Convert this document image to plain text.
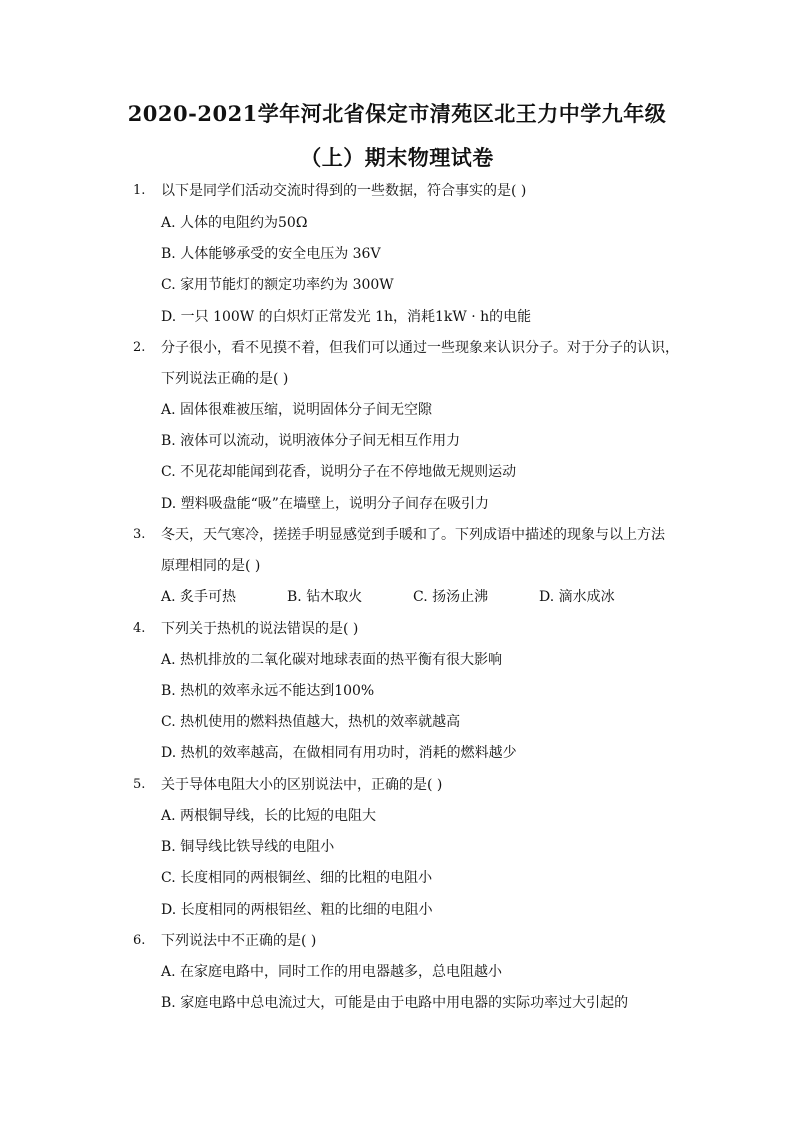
2020-2021学年河北省保定市清苑区北王力中学九年级
（上）期末物理试卷
1. 以下是同学们活动交流时得到的一些数据，符合事实的是( )
A. 人体的电阻约为50Ω
B. 人体能够承受的安全电压为 36V
C. 家用节能灯的额定功率约为 300W
D. 一只 100W 的白炽灯正常发光 1h，消耗1kW · h的电能
2. 分子很小，看不见摸不着，但我们可以通过一些现象来认识分子。对于分子的认识，
下列说法正确的是( )
A. 固体很难被压缩，说明固体分子间无空隙
B. 液体可以流动，说明液体分子间无相互作用力
C. 不见花却能闻到花香，说明分子在不停地做无规则运动
D. 塑料吸盘能“吸”在墙壁上，说明分子间存在吸引力
3. 冬天，天气寒冷，搓搓手明显感觉到手暖和了。下列成语中描述的现象与以上方法
原理相同的是( )
A. 炙手可热	B. 钻木取火	C. 扬汤止沸	D. 滴水成冰
4. 下列关于热机的说法错误的是( )
A. 热机排放的二氧化碳对地球表面的热平衡有很大影响
B. 热机的效率永远不能达到100%
C. 热机使用的燃料热值越大，热机的效率就越高
D. 热机的效率越高，在做相同有用功时，消耗的燃料越少
5. 关于导体电阻大小的区别说法中，正确的是( )
A. 两根铜导线，长的比短的电阻大
B. 铜导线比铁导线的电阻小
C. 长度相同的两根铜丝、细的比粗的电阻小
D. 长度相同的两根铝丝、粗的比细的电阻小
6. 下列说法中不正确的是( )
A. 在家庭电路中，同时工作的用电器越多，总电阻越小
B. 家庭电路中总电流过大，可能是由于电路中用电器的实际功率过大引起的
